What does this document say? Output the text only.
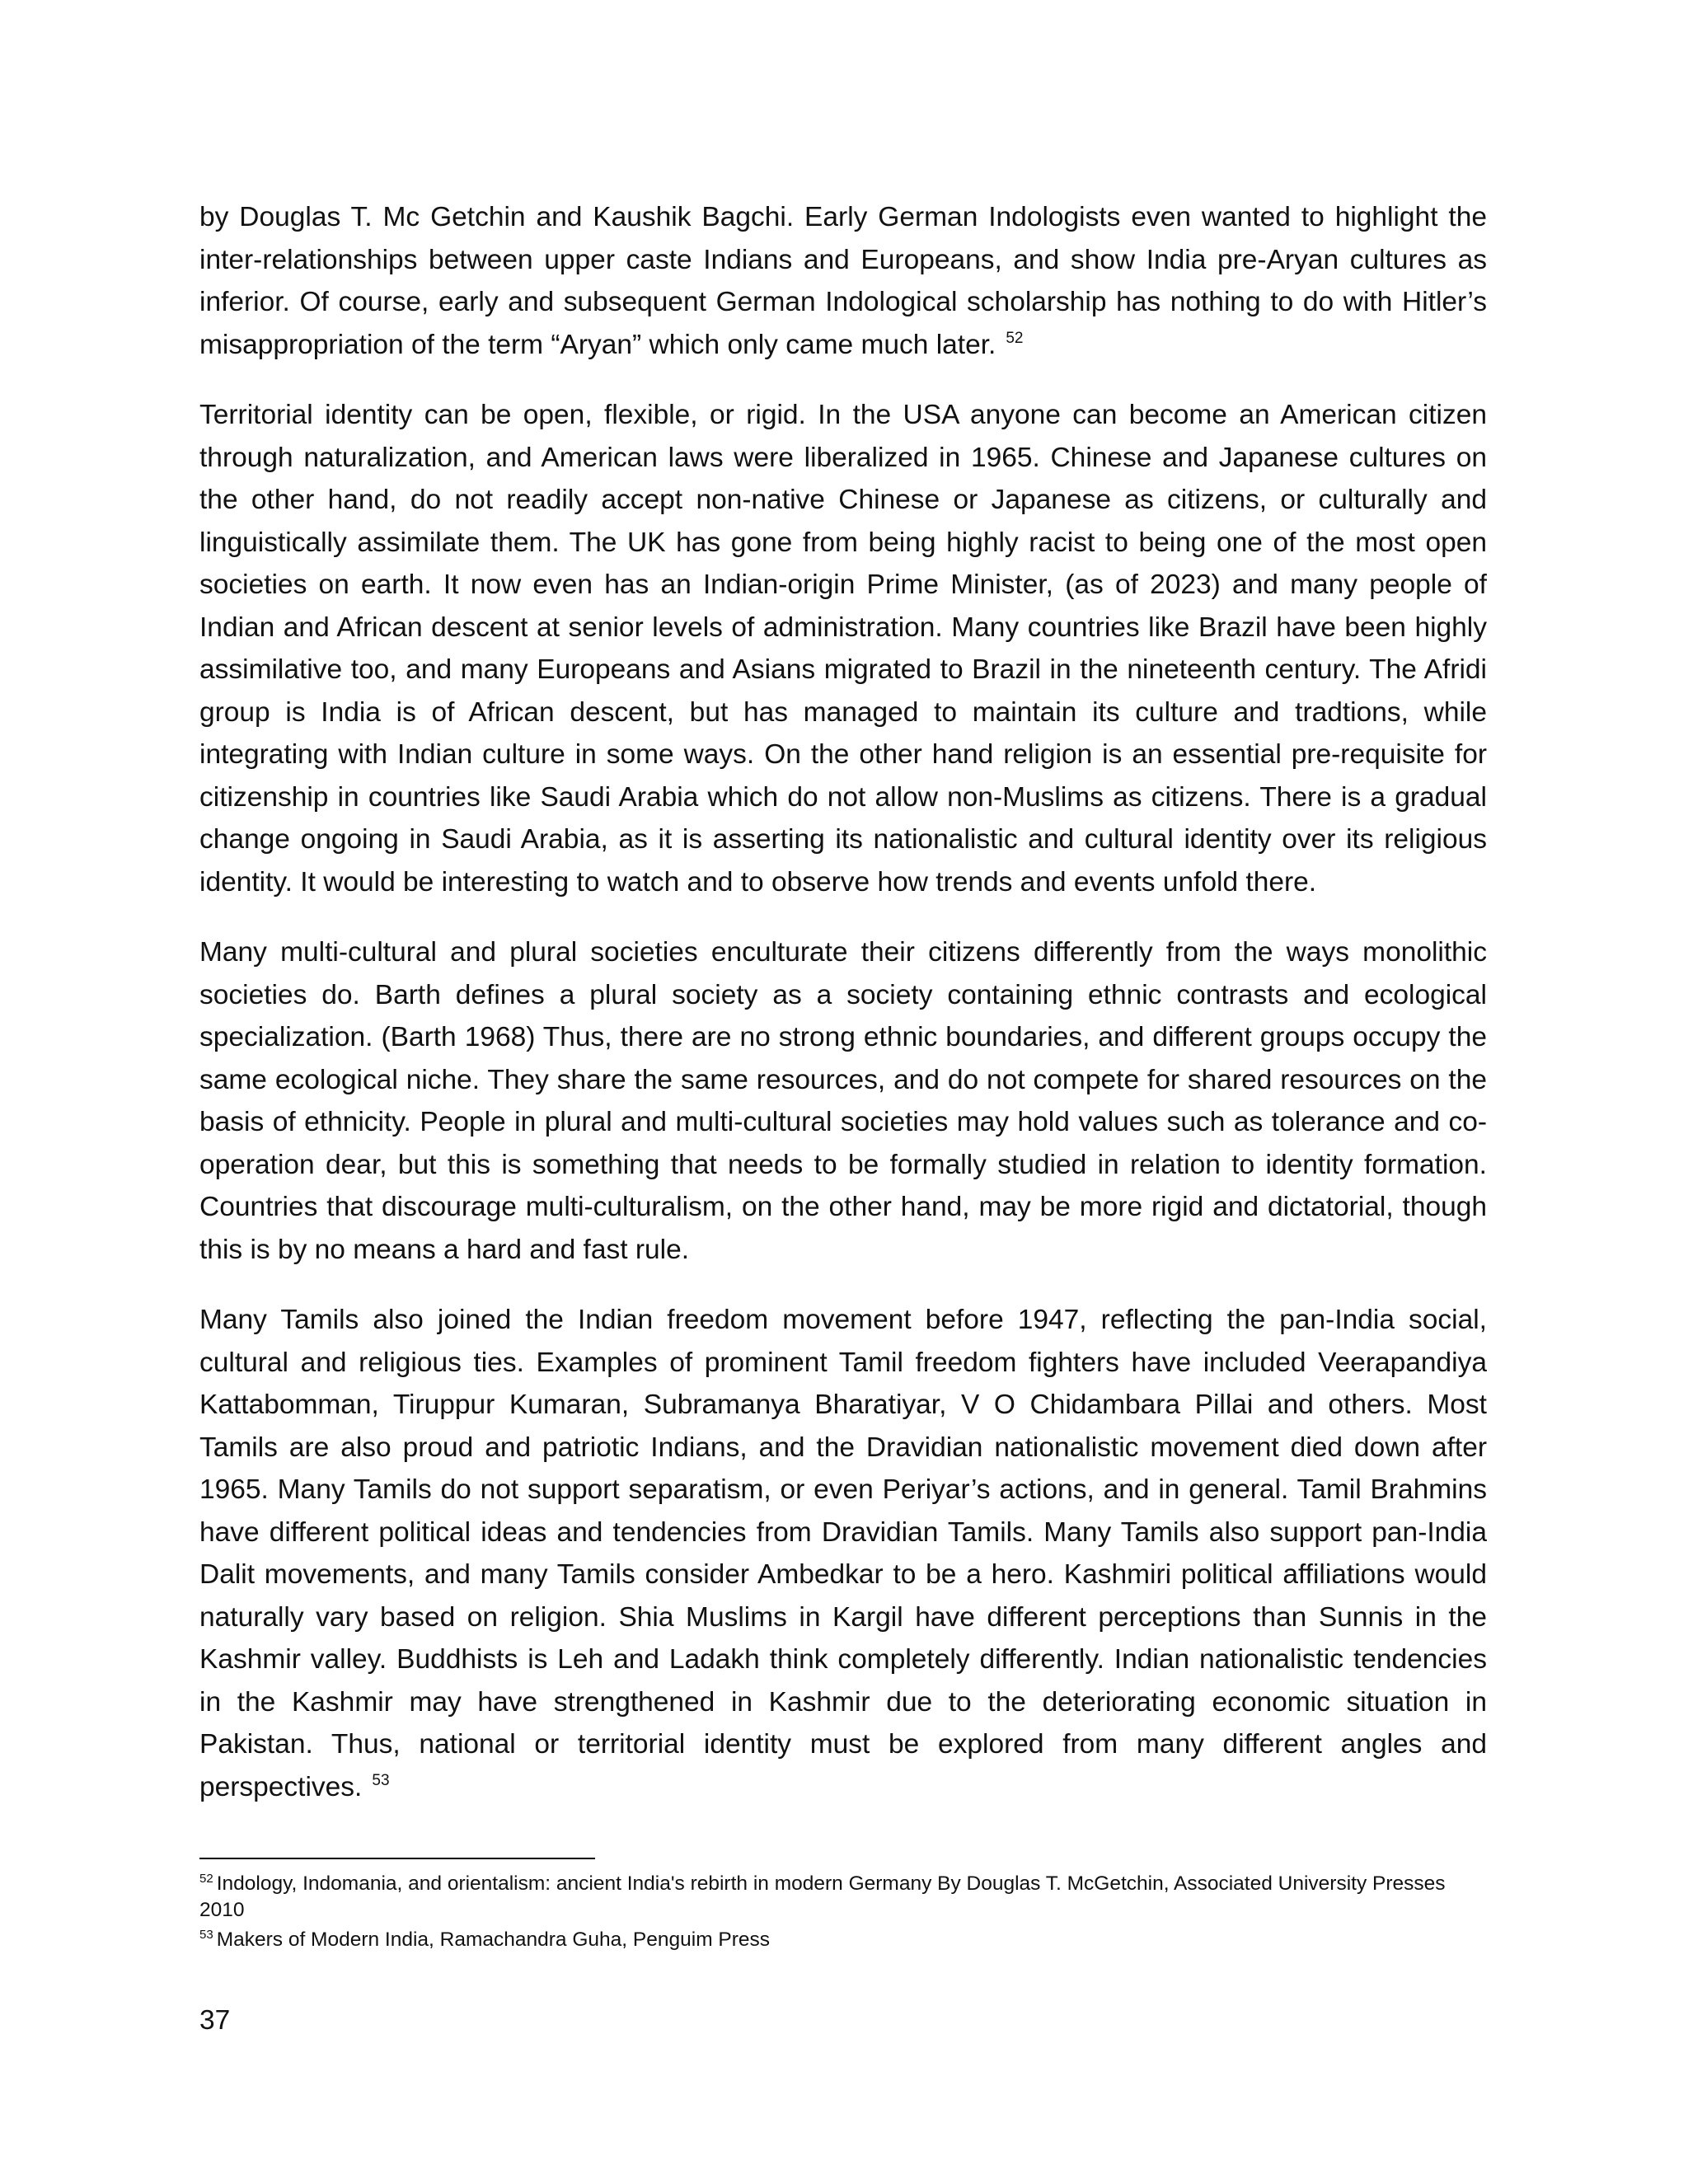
by Douglas T. Mc Getchin and Kaushik Bagchi. Early German Indologists even wanted to highlight the inter-relationships between upper caste Indians and Europeans, and show India pre-Aryan cultures as inferior. Of course, early and subsequent German Indological scholarship has nothing to do with Hitler’s misappropriation of the term “Aryan” which only came much later. $^{52}$

Territorial identity can be open, flexible, or rigid. In the USA anyone can become an American citizen through naturalization, and American laws were liberalized in 1965. Chinese and Japanese cultures on the other hand, do not readily accept non-native Chinese or Japanese as citizens, or culturally and linguistically assimilate them. The UK has gone from being highly racist to being one of the most open societies on earth. It now even has an Indian-origin Prime Minister, (as of 2023) and many people of Indian and African descent at senior levels of administration. Many countries like Brazil have been highly assimilative too, and many Europeans and Asians migrated to Brazil in the nineteenth century. The Afridi group is India is of African descent, but has managed to maintain its culture and tradtions, while integrating with Indian culture in some ways. On the other hand religion is an essential pre-requisite for citizenship in countries like Saudi Arabia which do not allow non-Muslims as citizens. There is a gradual change ongoing in Saudi Arabia, as it is asserting its nationalistic and cultural identity over its religious identity. It would be interesting to watch and to observe how trends and events unfold there.

Many multi-cultural and plural societies enculturate their citizens differently from the ways monolithic societies do. Barth defines a plural society as a society containing ethnic contrasts and ecological specialization. (Barth 1968) Thus, there are no strong ethnic boundaries, and different groups occupy the same ecological niche. They share the same resources, and do not compete for shared resources on the basis of ethnicity. People in plural and multi-cultural societies may hold values such as tolerance and co-operation dear, but this is something that needs to be formally studied in relation to identity formation. Countries that discourage multi-culturalism, on the other hand, may be more rigid and dictatorial, though this is by no means a hard and fast rule.

Many Tamils also joined the Indian freedom movement before 1947, reflecting the pan-India social, cultural and religious ties. Examples of prominent Tamil freedom fighters have included Veerapandiya Kattabomman, Tiruppur Kumaran, Subramanya Bharatiyar, V O Chidambara Pillai and others. Most Tamils are also proud and patriotic Indians, and the Dravidian nationalistic movement died down after 1965. Many Tamils do not support separatism, or even Periyar’s actions, and in general. Tamil Brahmins have different political ideas and tendencies from Dravidian Tamils. Many Tamils also support pan-India Dalit movements, and many Tamils consider Ambedkar to be a hero. Kashmiri political affiliations would naturally vary based on religion. Shia Muslims in Kargil have different perceptions than Sunnis in the Kashmir valley. Buddhists is Leh and Ladakh think completely differently. Indian nationalistic tendencies in the Kashmir may have strengthened in Kashmir due to the deteriorating economic situation in Pakistan. Thus, national or territorial identity must be explored from many different angles and perspectives. $^{53}$

$^{52}$ Indology, Indomania, and orientalism: ancient India's rebirth in modern Germany By Douglas T. McGetchin, Associated University Presses 2010

$^{53}$ Makers of Modern India, Ramachandra Guha, Penguim Press

37
